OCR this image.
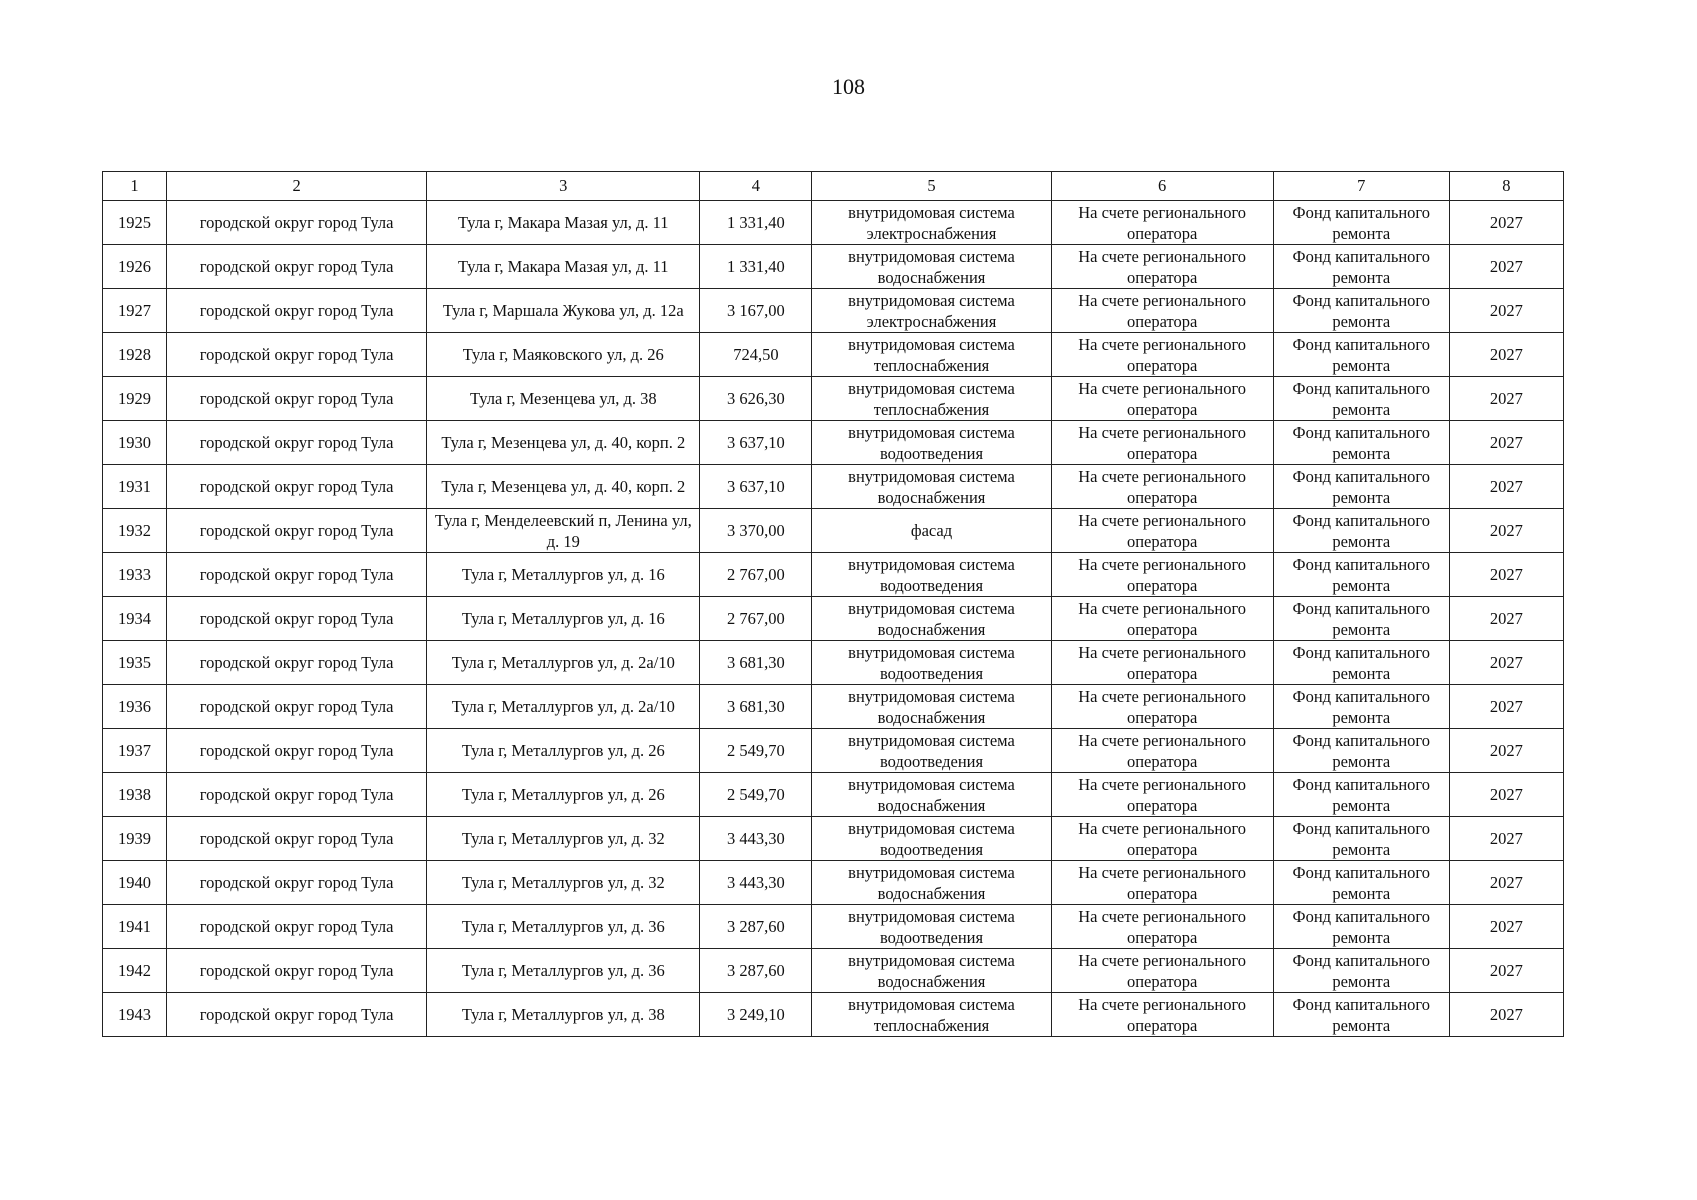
108
1	2	3	4	5	6	7	8
1925	городской округ город Тула	Тула г, Макара Мазая ул, д. 11	1 331,40	внутридомовая система электроснабжения	На счете регионального оператора	Фонд капитального ремонта	2027
1926	городской округ город Тула	Тула г, Макара Мазая ул, д. 11	1 331,40	внутридомовая система водоснабжения	На счете регионального оператора	Фонд капитального ремонта	2027
1927	городской округ город Тула	Тула г, Маршала Жукова ул, д. 12а	3 167,00	внутридомовая система электроснабжения	На счете регионального оператора	Фонд капитального ремонта	2027
1928	городской округ город Тула	Тула г, Маяковского ул, д. 26	724,50	внутридомовая система теплоснабжения	На счете регионального оператора	Фонд капитального ремонта	2027
1929	городской округ город Тула	Тула г, Мезенцева ул, д. 38	3 626,30	внутридомовая система теплоснабжения	На счете регионального оператора	Фонд капитального ремонта	2027
1930	городской округ город Тула	Тула г, Мезенцева ул, д. 40, корп. 2	3 637,10	внутридомовая система водоотведения	На счете регионального оператора	Фонд капитального ремонта	2027
1931	городской округ город Тула	Тула г, Мезенцева ул, д. 40, корп. 2	3 637,10	внутридомовая система водоснабжения	На счете регионального оператора	Фонд капитального ремонта	2027
1932	городской округ город Тула	Тула г, Менделеевский п, Ленина ул, д. 19	3 370,00	фасад	На счете регионального оператора	Фонд капитального ремонта	2027
1933	городской округ город Тула	Тула г, Металлургов ул, д. 16	2 767,00	внутридомовая система водоотведения	На счете регионального оператора	Фонд капитального ремонта	2027
1934	городской округ город Тула	Тула г, Металлургов ул, д. 16	2 767,00	внутридомовая система водоснабжения	На счете регионального оператора	Фонд капитального ремонта	2027
1935	городской округ город Тула	Тула г, Металлургов ул, д. 2а/10	3 681,30	внутридомовая система водоотведения	На счете регионального оператора	Фонд капитального ремонта	2027
1936	городской округ город Тула	Тула г, Металлургов ул, д. 2а/10	3 681,30	внутридомовая система водоснабжения	На счете регионального оператора	Фонд капитального ремонта	2027
1937	городской округ город Тула	Тула г, Металлургов ул, д. 26	2 549,70	внутридомовая система водоотведения	На счете регионального оператора	Фонд капитального ремонта	2027
1938	городской округ город Тула	Тула г, Металлургов ул, д. 26	2 549,70	внутридомовая система водоснабжения	На счете регионального оператора	Фонд капитального ремонта	2027
1939	городской округ город Тула	Тула г, Металлургов ул, д. 32	3 443,30	внутридомовая система водоотведения	На счете регионального оператора	Фонд капитального ремонта	2027
1940	городской округ город Тула	Тула г, Металлургов ул, д. 32	3 443,30	внутридомовая система водоснабжения	На счете регионального оператора	Фонд капитального ремонта	2027
1941	городской округ город Тула	Тула г, Металлургов ул, д. 36	3 287,60	внутридомовая система водоотведения	На счете регионального оператора	Фонд капитального ремонта	2027
1942	городской округ город Тула	Тула г, Металлургов ул, д. 36	3 287,60	внутридомовая система водоснабжения	На счете регионального оператора	Фонд капитального ремонта	2027
1943	городской округ город Тула	Тула г, Металлургов ул, д. 38	3 249,10	внутридомовая система теплоснабжения	На счете регионального оператора	Фонд капитального ремонта	2027
